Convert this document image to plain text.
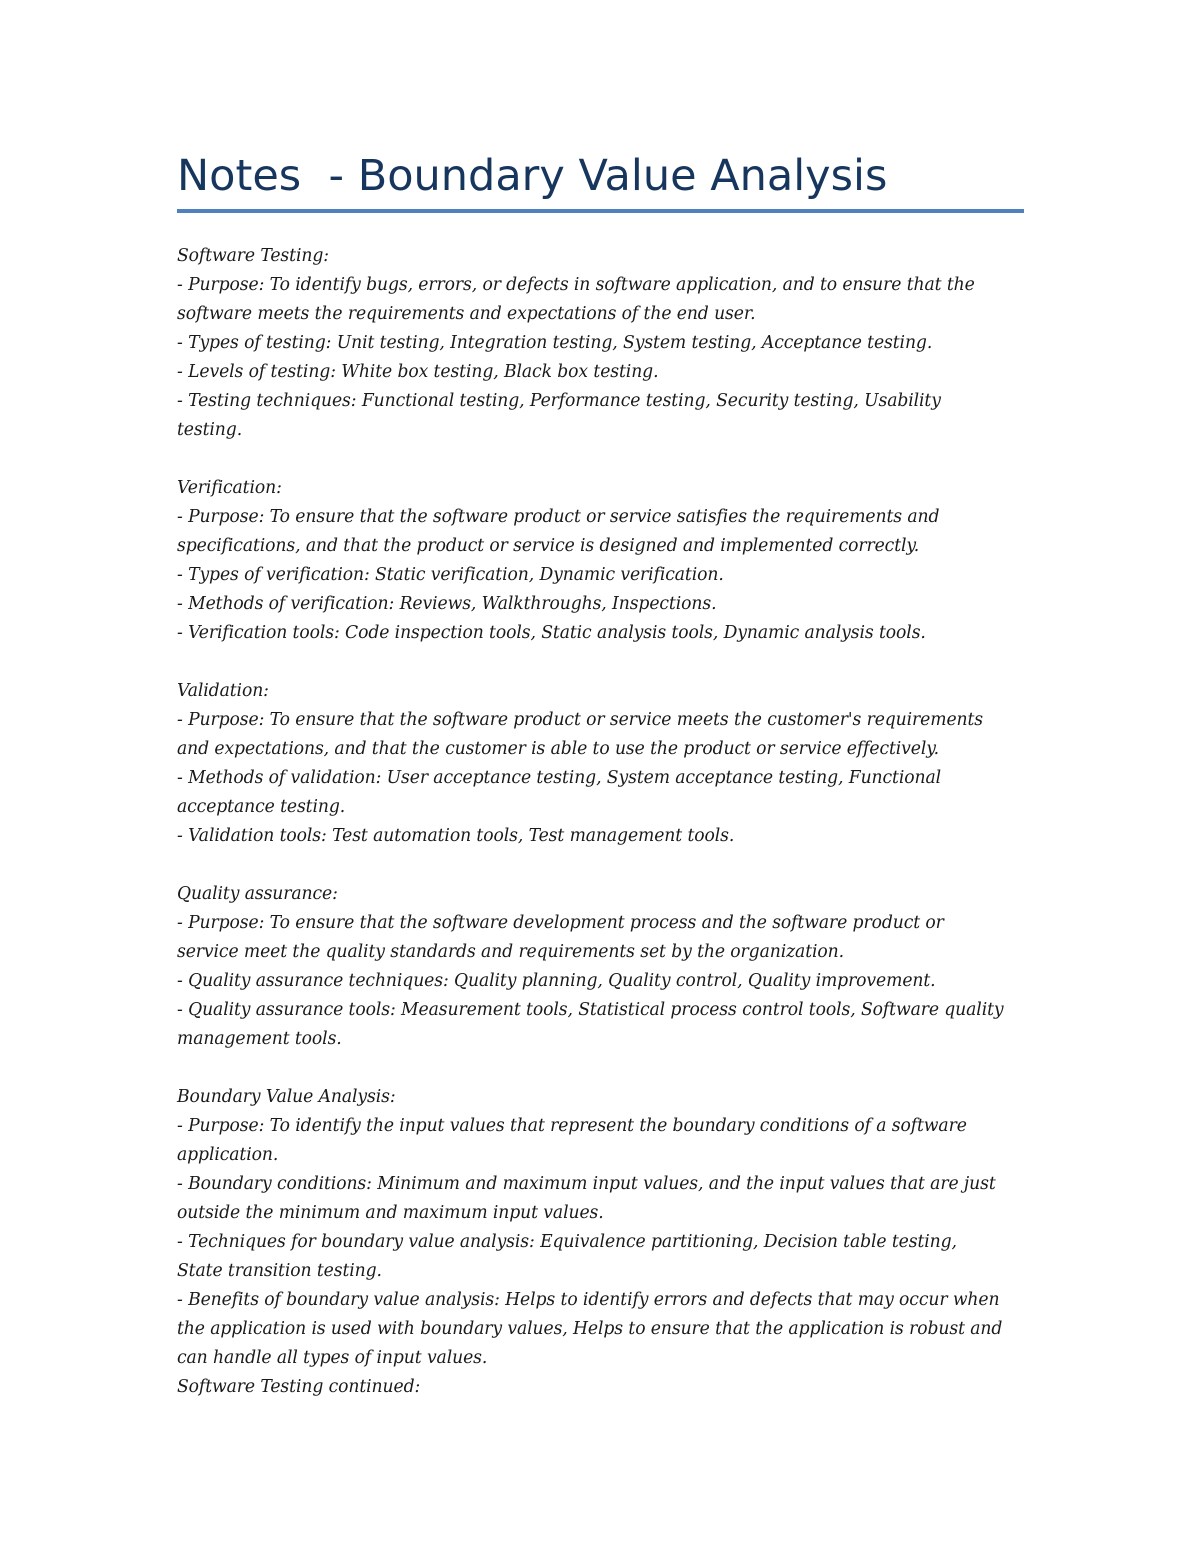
Notes  - Boundary Value Analysis

Software Testing:

- Purpose: To identify bugs, errors, or defects in software application, and to ensure that the

software meets the requirements and expectations of the end user.

- Types of testing: Unit testing, Integration testing, System testing, Acceptance testing.

- Levels of testing: White box testing, Black box testing.

- Testing techniques: Functional testing, Performance testing, Security testing, Usability

testing.

Verification:

- Purpose: To ensure that the software product or service satisfies the requirements and

specifications, and that the product or service is designed and implemented correctly.

- Types of verification: Static verification, Dynamic verification.

- Methods of verification: Reviews, Walkthroughs, Inspections.

- Verification tools: Code inspection tools, Static analysis tools, Dynamic analysis tools.

Validation:

- Purpose: To ensure that the software product or service meets the customer's requirements

and expectations, and that the customer is able to use the product or service effectively.

- Methods of validation: User acceptance testing, System acceptance testing, Functional

acceptance testing.

- Validation tools: Test automation tools, Test management tools.

Quality assurance:

- Purpose: To ensure that the software development process and the software product or

service meet the quality standards and requirements set by the organization.

- Quality assurance techniques: Quality planning, Quality control, Quality improvement.

- Quality assurance tools: Measurement tools, Statistical process control tools, Software quality

management tools.

Boundary Value Analysis:

- Purpose: To identify the input values that represent the boundary conditions of a software

application.

- Boundary conditions: Minimum and maximum input values, and the input values that are just

outside the minimum and maximum input values.

- Techniques for boundary value analysis: Equivalence partitioning, Decision table testing,

State transition testing.

- Benefits of boundary value analysis: Helps to identify errors and defects that may occur when

the application is used with boundary values, Helps to ensure that the application is robust and

can handle all types of input values.

Software Testing continued:
